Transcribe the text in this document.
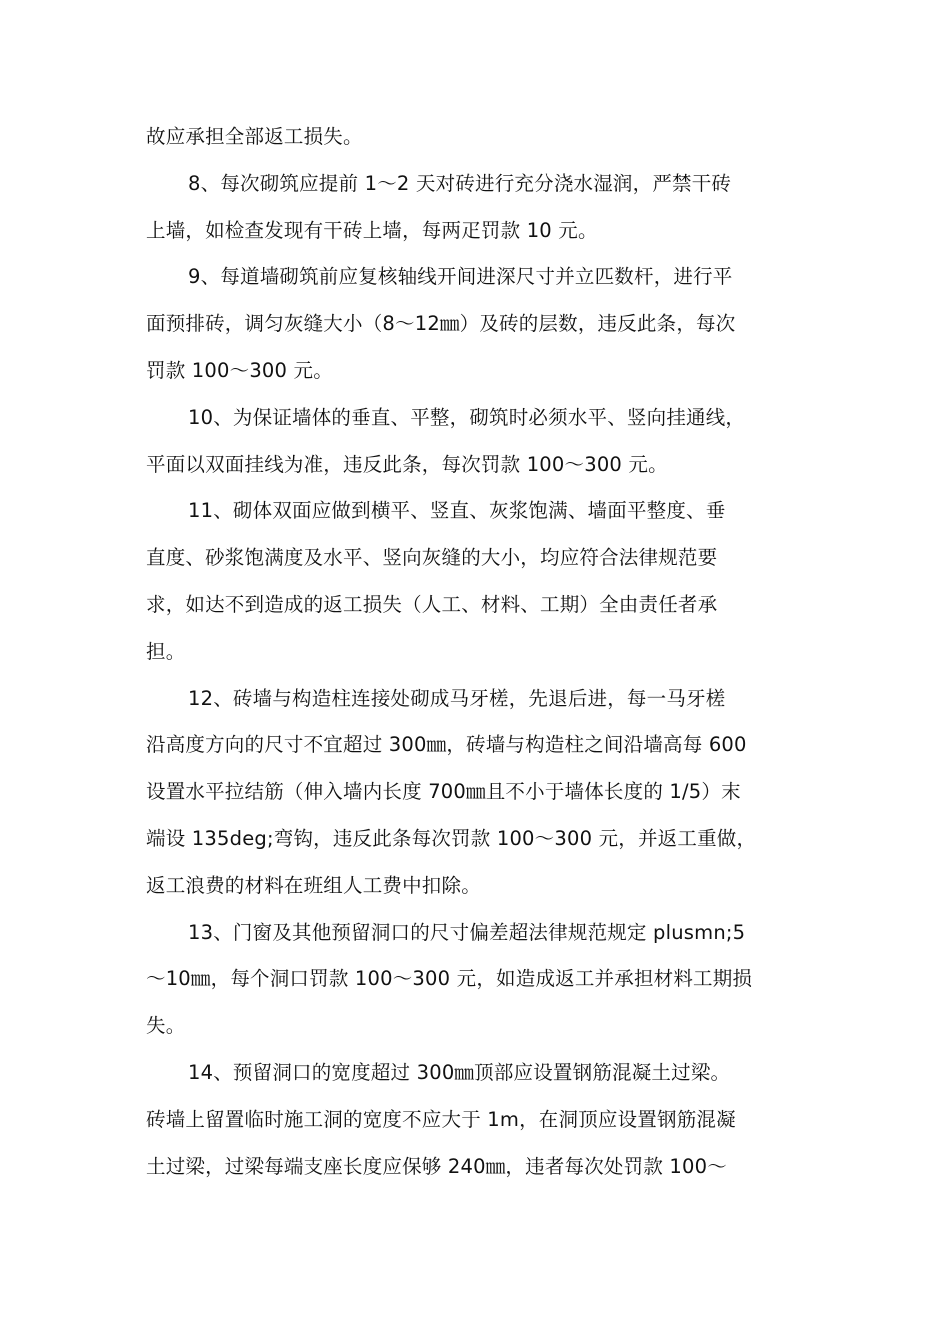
故应承担全部返工损失。
8、每次砌筑应提前 1～2 天对砖进行充分浇水湿润，严禁干砖
上墙，如检查发现有干砖上墙，每两疋罚款 10 元。
9、每道墙砌筑前应复核轴线开间进深尺寸并立匹数杆，进行平
面预排砖，调匀灰缝大小（8～12㎜）及砖的层数，违反此条，每次
罚款 100～300 元。
10、为保证墙体的垂直、平整，砌筑时必须水平、竖向挂通线，
平面以双面挂线为准，违反此条，每次罚款 100～300 元。
11、砌体双面应做到横平、竖直、灰浆饱满、墙面平整度、垂
直度、砂浆饱满度及水平、竖向灰缝的大小，均应符合法律规范要
求，如达不到造成的返工损失（人工、材料、工期）全由责任者承
担。
12、砖墙与构造柱连接处砌成马牙槎，先退后进，每一马牙槎
沿高度方向的尺寸不宜超过 300㎜，砖墙与构造柱之间沿墙高每 600
设置水平拉结筋（伸入墙内长度 700㎜且不小于墙体长度的 1/5）末
端设 135deg;弯钩，违反此条每次罚款 100～300 元，并返工重做，
返工浪费的材料在班组人工费中扣除。
13、门窗及其他预留洞口的尺寸偏差超法律规范规定 plusmn;5
～10㎜，每个洞口罚款 100～300 元，如造成返工并承担材料工期损
失。
14、预留洞口的宽度超过 300㎜顶部应设置钢筋混凝土过梁。
砖墙上留置临时施工洞的宽度不应大于 1m，在洞顶应设置钢筋混凝
土过梁，过梁每端支座长度应保够 240㎜，违者每次处罚款 100～
